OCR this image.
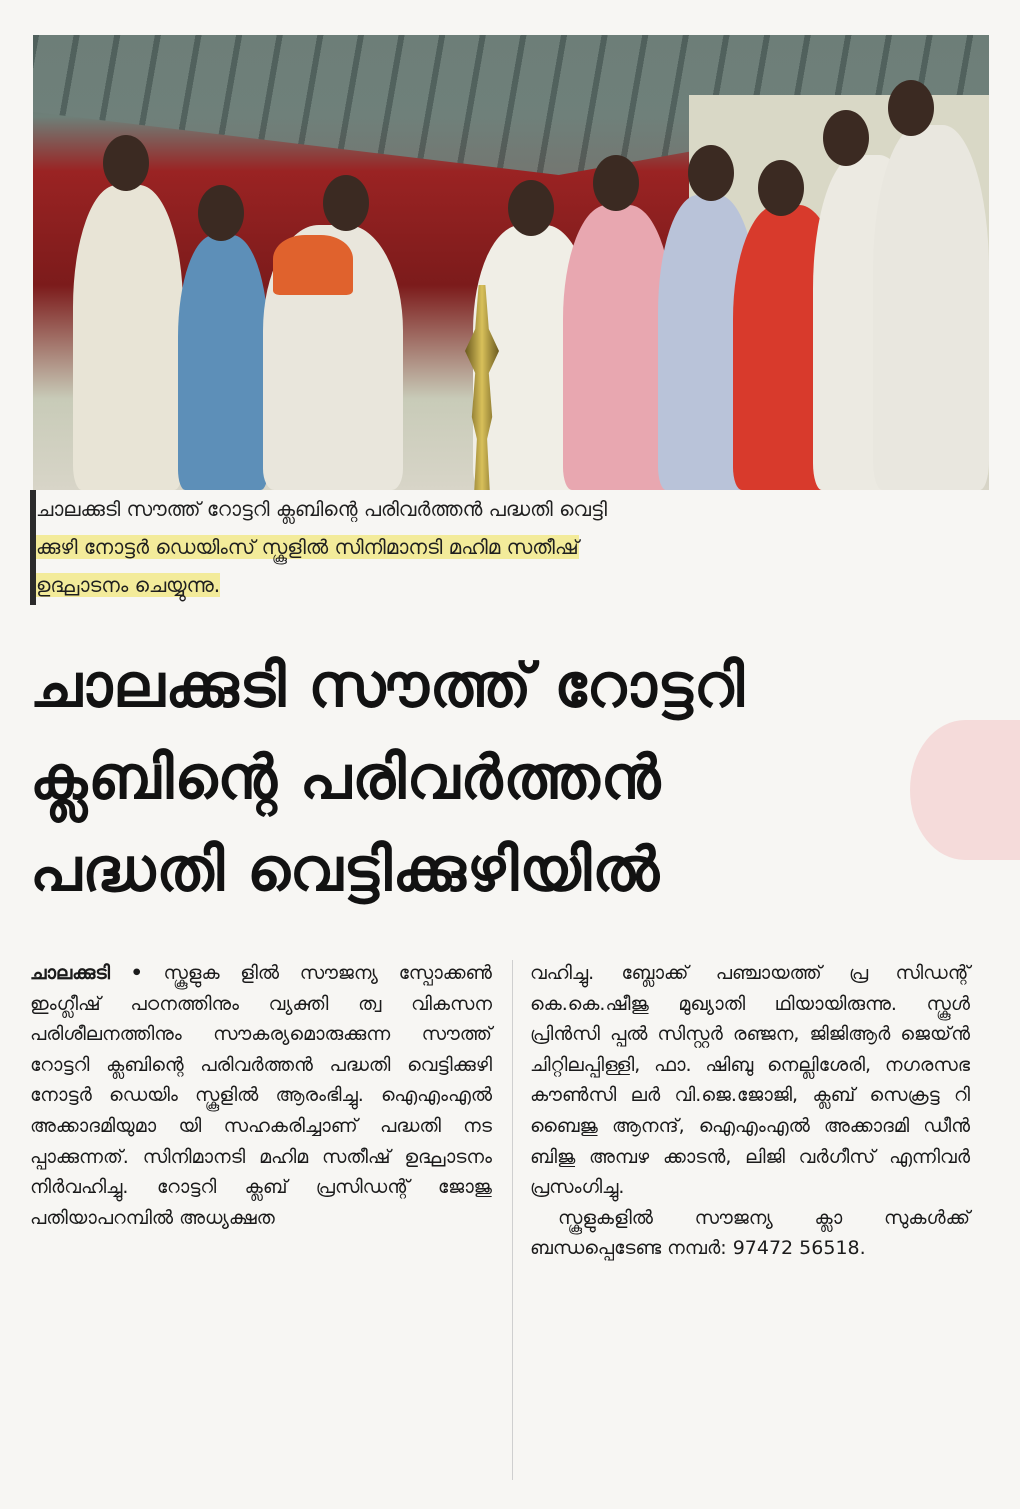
ചാലക്കുടി സൗത്ത് റോട്ടറി ക്ലബിന്റെ പരിവർത്തൻ പദ്ധതി വെട്ടി
ക്കുഴി നോട്ടർ ഡെയിംസ് സ്കൂളിൽ സിനിമാനടി മഹിമ സതീഷ്
ഉദ്ഘാടനം ചെയ്യുന്നു.
ചാലക്കുടി സൗത്ത് റോട്ടറി
ക്ലബിന്റെ പരിവർത്തൻ
പദ്ധതി വെട്ടിക്കുഴിയിൽ

ചാലക്കുടി • സ്കൂളുക ളിൽ സൗജന്യ സ്പോക്കൺ ഇംഗ്ലീഷ് പഠനത്തിനും വ്യക്തി ത്വ വികസന പരിശീലനത്തിനും സൗകര്യമൊരുക്കുന്ന സൗത്ത് റോട്ടറി ക്ലബിന്റെ പരിവർത്തൻ പദ്ധതി വെട്ടിക്കുഴി നോട്ടർ ഡെയിം സ്കൂളിൽ ആരംഭിച്ചു. ഐഎംഎൽ അക്കാദമിയുമാ യി സഹകരിച്ചാണ് പദ്ധതി നട പ്പാക്കുന്നത്. സിനിമാനടി മഹിമ സതീഷ് ഉദ്ഘാടനം നിർവഹിച്ചു. റോട്ടറി ക്ലബ് പ്രസിഡന്റ് ജോജു പതിയാപറമ്പിൽ അധ്യക്ഷത

വഹിച്ചു. ബ്ലോക്ക് പഞ്ചായത്ത് പ്ര സിഡന്റ് കെ.കെ.ഷീജു മുഖ്യാതി ഥിയായിരുന്നു. സ്കൂൾ പ്രിൻസി പ്പൽ സിസ്റ്റർ രഞ്ജന, ജിജിആർ ജെയ്ൻ ചിറ്റിലപ്പിള്ളി, ഫാ. ഷിബു നെല്ലിശേരി, നഗരസഭ കൗൺസി ലർ വി.ജെ.ജോജി, ക്ലബ് സെക്രട്ട റി ബൈജു ആനന്ദ്, ഐഎംഎൽ അക്കാദമി ഡീൻ ബിജു അമ്പഴ ക്കാടൻ, ലിജി വർഗീസ് എന്നിവർ പ്രസംഗിച്ചു.

സ്കൂളുകളിൽ സൗജന്യ ക്ലാ സുകൾക്ക് ബന്ധപ്പെടേണ്ട നമ്പർ: 97472 56518.
